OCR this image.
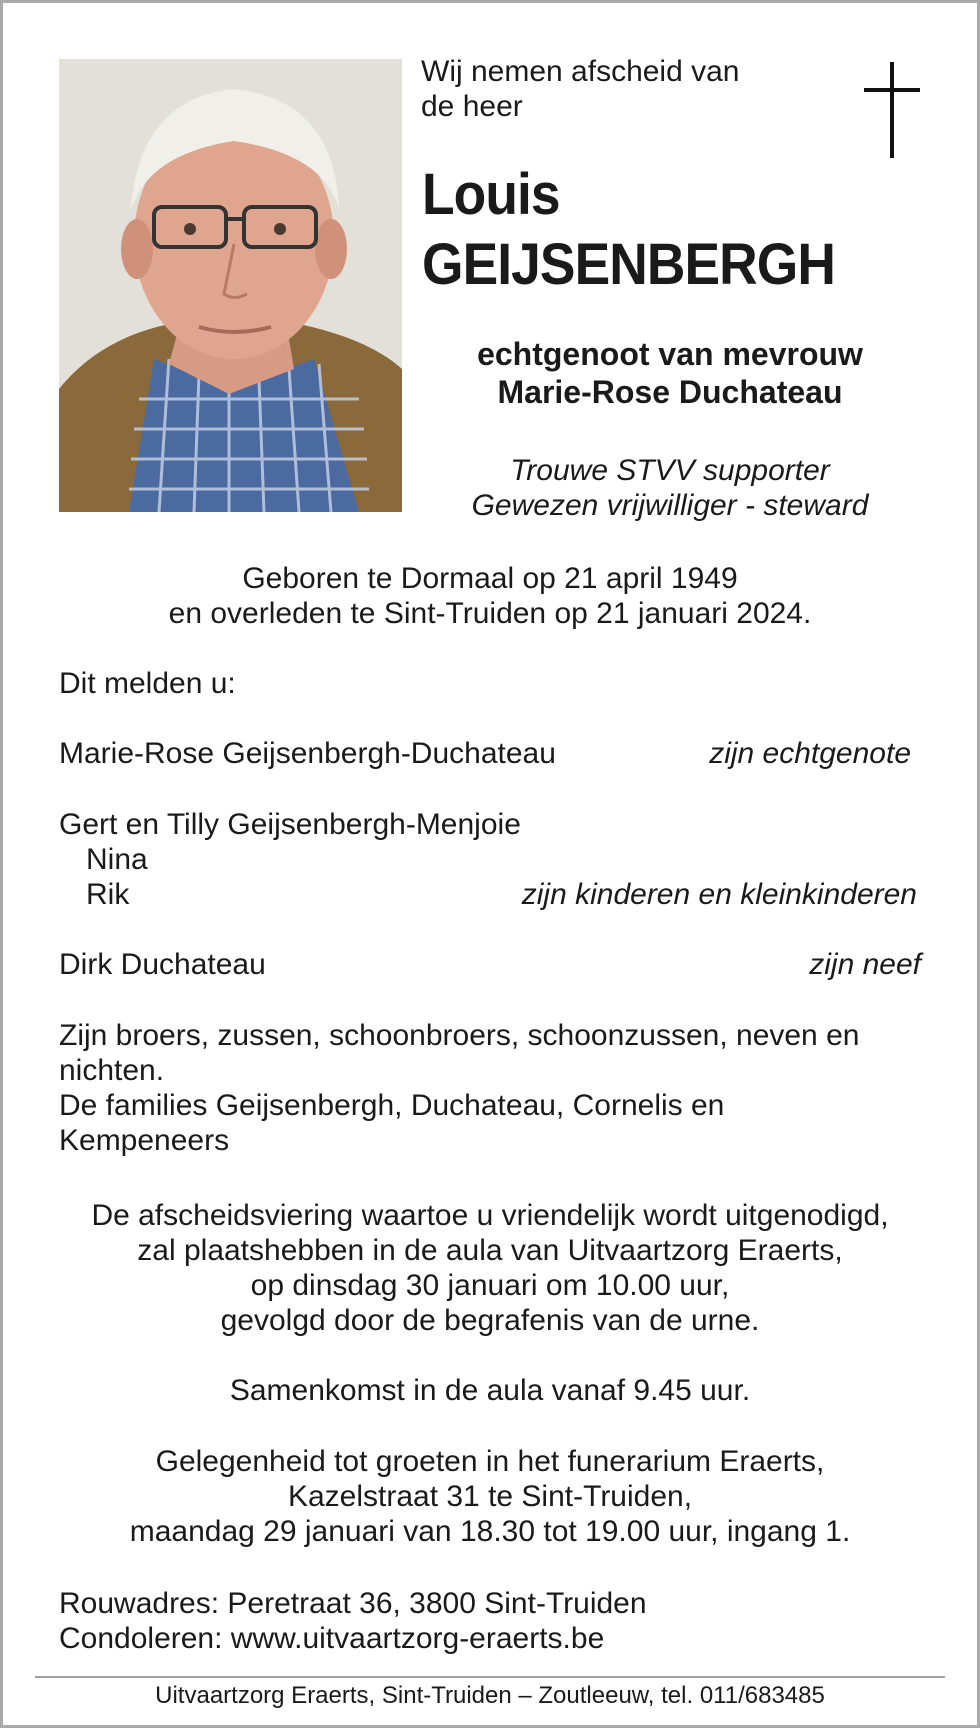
Wij nemen afscheid van
de heer
Louis
GEIJSENBERGH
echtgenoot van mevrouw
Marie-Rose Duchateau
Trouwe STVV supporter
Gewezen vrijwilliger - steward
Geboren te Dormaal op 21 april 1949
en overleden te Sint-Truiden op 21 januari 2024.
Dit melden u:
Marie-Rose Geijsenbergh-Duchateau	zijn echtgenote
Gert en Tilly Geijsenbergh-Menjoie
Nina
Rik	zijn kinderen en kleinkinderen
Dirk Duchateau	zijn neef
Zijn broers, zussen, schoonbroers, schoonzussen, neven en
nichten.
De families Geijsenbergh, Duchateau, Cornelis en
Kempeneers
De afscheidsviering waartoe u vriendelijk wordt uitgenodigd,
zal plaatshebben in de aula van Uitvaartzorg Eraerts,
op dinsdag 30 januari om 10.00 uur,
gevolgd door de begrafenis van de urne.
Samenkomst in de aula vanaf 9.45 uur.
Gelegenheid tot groeten in het funerarium Eraerts,
Kazelstraat 31 te Sint-Truiden,
maandag 29 januari van 18.30 tot 19.00 uur, ingang 1.
Rouwadres: Peretraat 36, 3800 Sint-Truiden
Condoleren: www.uitvaartzorg-eraerts.be
Uitvaartzorg Eraerts, Sint-Truiden – Zoutleeuw, tel. 011/683485
